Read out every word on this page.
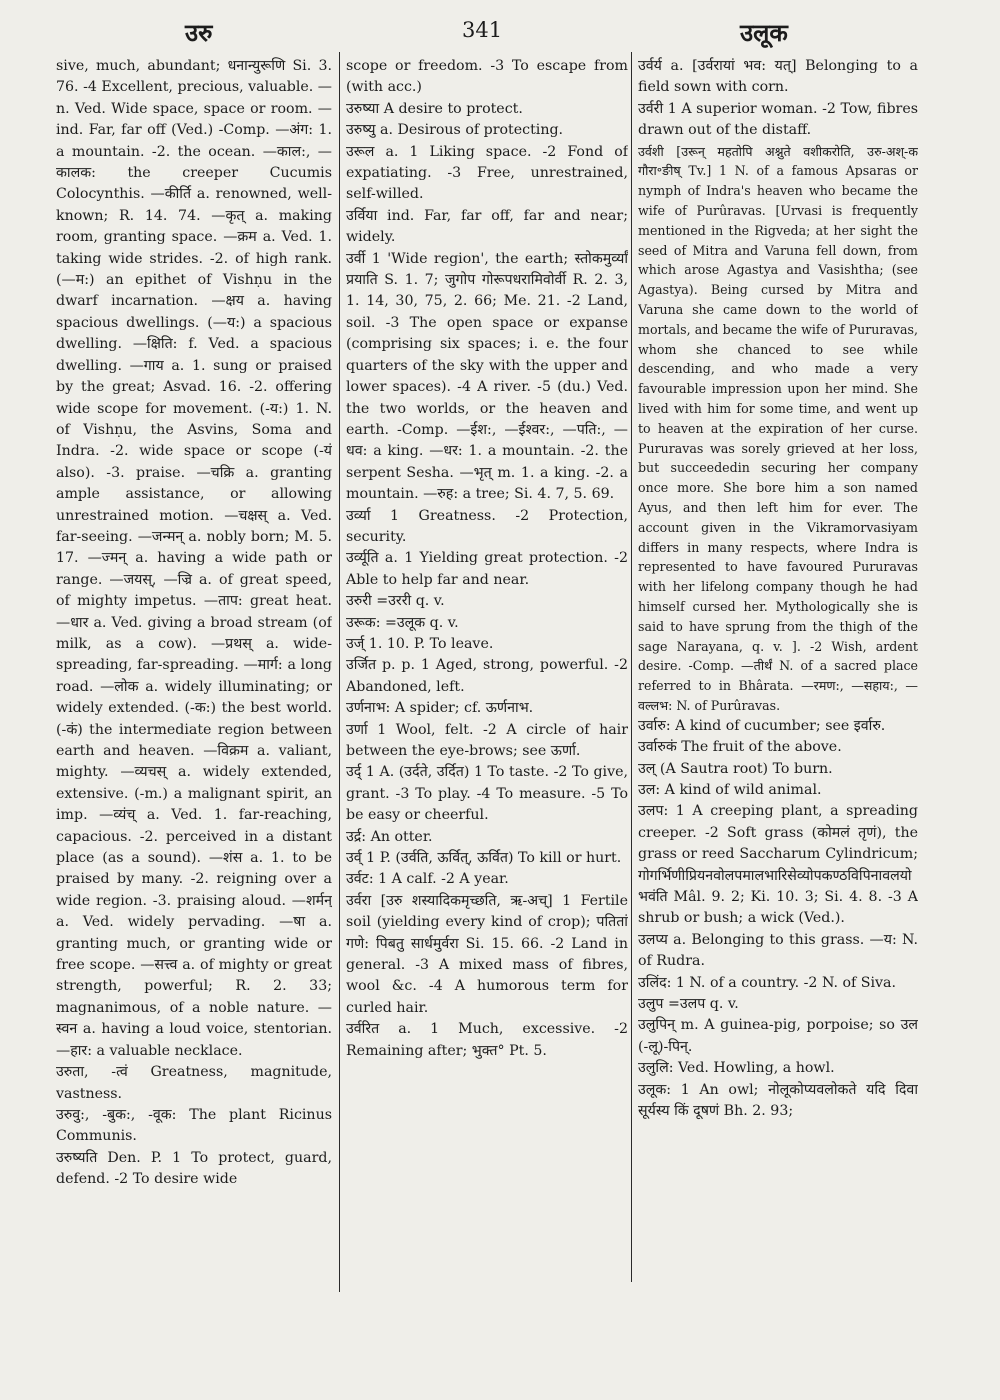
उरु	341	उलूक

sive, much, abundant; धनान्युरूणि Si. 3. 76. -4 Excellent, precious, valuable. —n. Ved. Wide space, space or room. —ind. Far, far off (Ved.) -Comp. —अंग: 1. a mountain. -2. the ocean. —काल:, —कालक: the creeper Cucumis Colocynthis. —कीर्ति a. renowned, well-known; R. 14. 74. —कृत् a. making room, granting space. —क्रम a. Ved. 1. taking wide strides. -2. of high rank. (—म:) an epithet of Vishṇu in the dwarf incarnation. —क्षय a. having spacious dwellings. (—य:) a spacious dwelling. —क्षिति: f. Ved. a spacious dwelling. —गाय a. 1. sung or praised by the great; Asvad. 16. -2. offering wide scope for movement. (-य:) 1. N. of Vishṇu, the Asvins, Soma and Indra. -2. wide space or scope (-यं also). -3. praise. —चक्रि a. granting ample assistance, or allowing unrestrained motion. —चक्षस् a. Ved. far-seeing. —जन्मन् a. nobly born; M. 5. 17. —ज्मन् a. having a wide path or range. —जयस्, —ज्रि a. of great speed, of mighty impetus. —ताप: great heat. —धार a. Ved. giving a broad stream (of milk, as a cow). —प्रथस् a. wide-spreading, far-spreading. —मार्ग: a long road. —लोक a. widely illuminating; or widely extended. (-क:) the best world. (-कं) the intermediate region between earth and heaven. —विक्रम a. valiant, mighty. —व्यचस् a. widely extended, extensive. (-m.) a malignant spirit, an imp. —व्यंच् a. Ved. 1. far-reaching, capacious. -2. perceived in a distant place (as a sound). —शंस a. 1. to be praised by many. -2. reigning over a wide region. -3. praising aloud. —शर्मन् a. Ved. widely pervading. —षा a. granting much, or granting wide or free scope. —सत्त्व a. of mighty or great strength, powerful; R. 2. 33; magnanimous, of a noble nature. —स्वन a. having a loud voice, stentorian. —हार: a valuable necklace.

उरुता, -त्वं Greatness, magnitude, vastness.

उरुवु:, -बुक:, -वूक: The plant Ricinus Communis.

उरुष्यति Den. P. 1 To protect, guard, defend. -2 To desire wide

scope or freedom. -3 To escape from (with acc.)

उरुष्या A desire to protect.

उरुष्यु a. Desirous of protecting.

उरूल a. 1 Liking space. -2 Fond of expatiating. -3 Free, unrestrained, self-willed.

उर्विया ind. Far, far off, far and near; widely.

उर्वी 1 'Wide region', the earth; स्तोकमुर्व्यां प्रयाति S. 1. 7; जुगोप गोरूपधरामिवोर्वी R. 2. 3, 1. 14, 30, 75, 2. 66; Me. 21. -2 Land, soil. -3 The open space or expanse (comprising six spaces; i. e. the four quarters of the sky with the upper and lower spaces). -4 A river. -5 (du.) Ved. the two worlds, or the heaven and earth. -Comp. —ईश:, —ईश्वर:, —पति:, —धव: a king. —धर: 1. a mountain. -2. the serpent Sesha. —भृत् m. 1. a king. -2. a mountain. —रुह: a tree; Si. 4. 7, 5. 69.

उर्व्या 1 Greatness. -2 Protection, security.

उर्व्यूति a. 1 Yielding great protection. -2 Able to help far and near.

उरुरी =उररी q. v.

उरूक: =उलूक q. v.

उर्ज् 1. 10. P. To leave.

उर्जित p. p. 1 Aged, strong, powerful. -2 Abandoned, left.

उर्णनाभ: A spider; cf. ऊर्णनाभ.

उर्णा 1 Wool, felt. -2 A circle of hair between the eye-brows; see ऊर्णा.

उर्द् 1 A. (उर्दते, उर्दित) 1 To taste. -2 To give, grant. -3 To play. -4 To measure. -5 To be easy or cheerful.

उर्द्र: An otter.

उर्व् 1 P. (उर्वति, ऊर्वित्, ऊर्वित) To kill or hurt.

उर्वट: 1 A calf. -2 A year.

उर्वरा [उरु शस्यादिकमृच्छति, ऋ-अच्] 1 Fertile soil (yielding every kind of crop); पतितां गणे: पिबतु सार्धमुर्वरा Si. 15. 66. -2 Land in general. -3 A mixed mass of fibres, wool &c. -4 A humorous term for curled hair.

उर्वरित a. 1 Much, excessive. -2 Remaining after; भुक्त° Pt. 5.

उर्वर्य a. [उर्वरायां भव: यत्] Belonging to a field sown with corn.

उर्वरी 1 A superior woman. -2 Tow, fibres drawn out of the distaff.

उर्वशी [उरून् महतोपि अश्नुते वशीकरोति, उरु-अश्-क गौरा॰ङीष् Tv.] 1 N. of a famous Apsaras or nymph of Indra's heaven who became the wife of Purûravas. [Urvasi is frequently mentioned in the Rigveda; at her sight the seed of Mitra and Varuna fell down, from which arose Agastya and Vasishtha; (see Agastya). Being cursed by Mitra and Varuna she came down to the world of mortals, and became the wife of Pururavas, whom she chanced to see while descending, and who made a very favourable impression upon her mind. She lived with him for some time, and went up to heaven at the expiration of her curse. Pururavas was sorely grieved at her loss, but succeededin securing her company once more. She bore him a son named Ayus, and then left him for ever. The account given in the Vikramorvasiyam differs in many respects, where Indra is represented to have favoured Pururavas with her lifelong company though he had himself cursed her. Mythologically she is said to have sprung from the thigh of the sage Narayana, q. v. ]. -2 Wish, ardent desire. -Comp. —तीर्थं N. of a sacred place referred to in Bhârata. —रमण:, —सहाय:, —वल्लभ: N. of Purûravas.

उर्वारु: A kind of cucumber; see इर्वारु.

उर्वारुकं The fruit of the above.

उल् (A Sautra root) To burn.

उल: A kind of wild animal.

उलप: 1 A creeping plant, a spreading creeper. -2 Soft grass (कोमलं तृणं), the grass or reed Saccharum Cylindricum; गोगर्भिणीप्रियनवोलपमालभारिसेव्योपकण्ठविपिनावलयो भवंति Mâl. 9. 2; Ki. 10. 3; Si. 4. 8. -3 A shrub or bush; a wick (Ved.).

उलप्य a. Belonging to this grass. —य: N. of Rudra.

उलिंद: 1 N. of a country. -2 N. of Siva.

उलुप =उलप q. v.

उलुपिन् m. A guinea-pig, porpoise; so उल (-लू)-पिन्.

उलुलि: Ved. Howling, a howl.

उलूक: 1 An owl; नोलूकोप्यवलोकते यदि दिवा सूर्यस्य किं दूषणं Bh. 2. 93;
